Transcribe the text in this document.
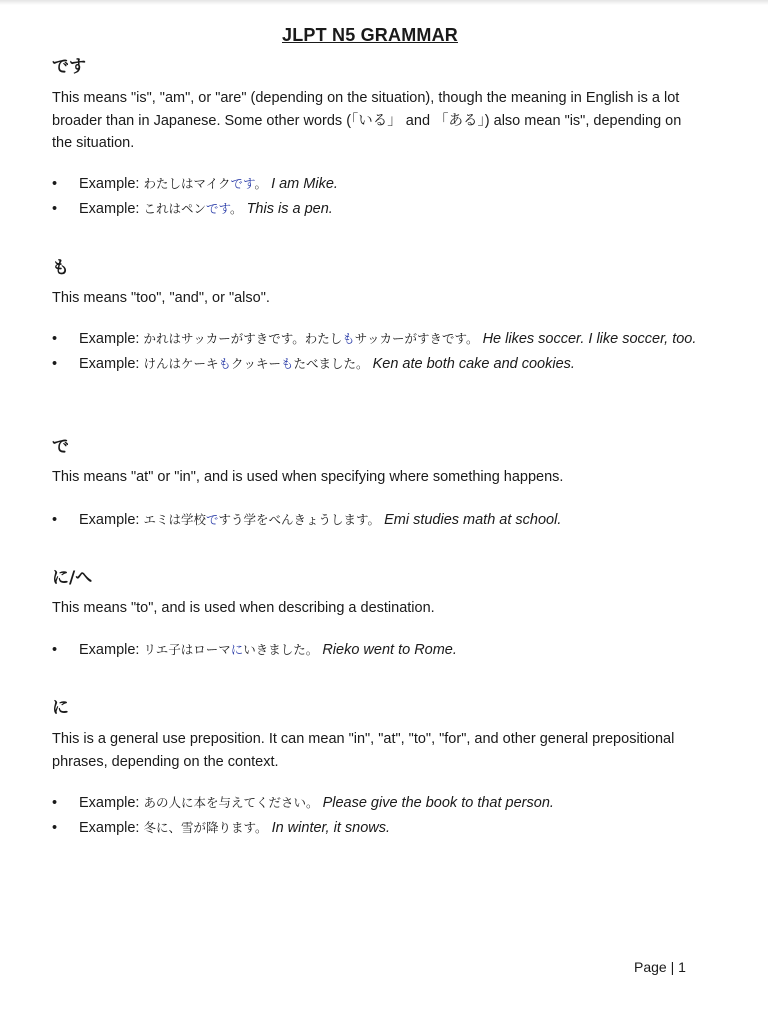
JLPT N5 GRAMMAR
です
This means "is", "am", or "are" (depending on the situation), though the meaning in English is a lot broader than in Japanese. Some other words (「いる」 and 「ある」) also mean "is", depending on the situation.
• Example: わたしはマイクです。 I am Mike.
• Example: これはペンです。 This is a pen.
も
This means "too", "and", or "also".
• Example: かれはサッカーがすきです。わたしもサッカーがすきです。 He likes soccer. I like soccer, too.
• Example: けんはケーキもクッキーもたべました。 Ken ate both cake and cookies.
で
This means "at" or "in", and is used when specifying where something happens.
• Example: エミは学校ですう学をべんきょうします。 Emi studies math at school.
に/へ
This means "to", and is used when describing a destination.
• Example: リエ子はローマにいきました。 Rieko went to Rome.
に
This is a general use preposition. It can mean "in", "at", "to", "for", and other general prepositional phrases, depending on the context.
• Example: あの人に本を与えてください。 Please give the book to that person.
• Example: 冬に、雪が降ります。 In winter, it snows.
Page | 1
